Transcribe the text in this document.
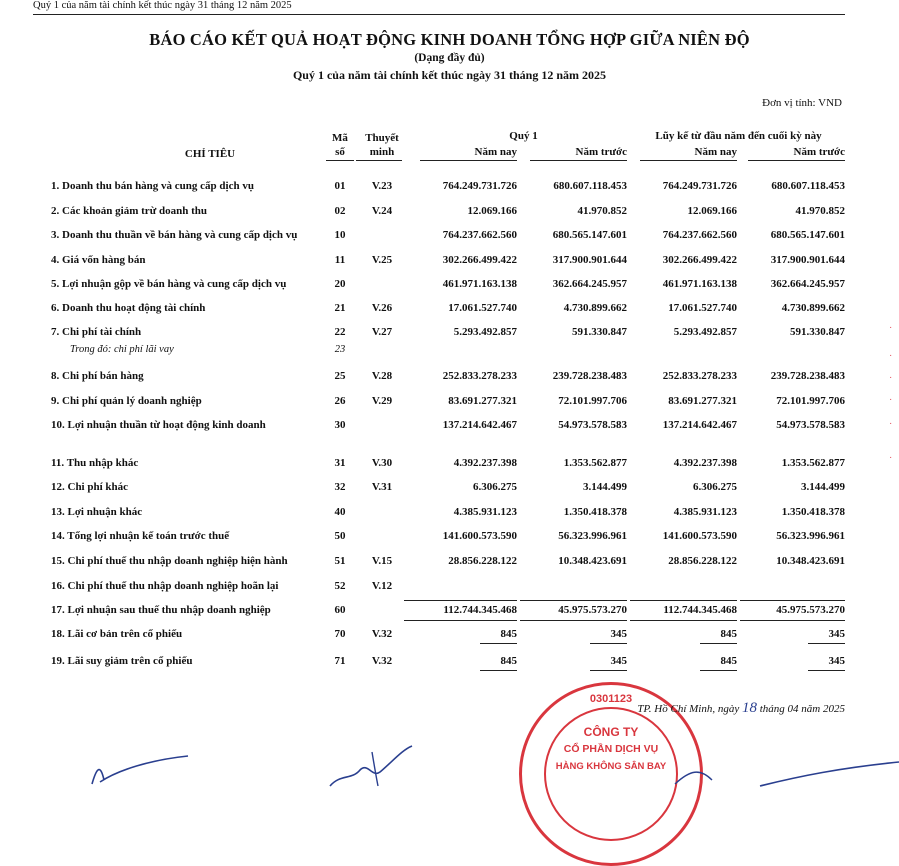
Quý 1 của năm tài chính kết thúc ngày 31 tháng 12 năm 2025
BÁO CÁO KẾT QUẢ HOẠT ĐỘNG KINH DOANH TỔNG HỢP GIỮA NIÊN ĐỘ
(Dạng đầy đủ)
Quý 1 của năm tài chính kết thúc ngày 31 tháng 12 năm 2025
Đơn vị tính: VND
CHỈ TIÊU
Mã
số
Thuyết
minh
Quý 1
Năm nay	Năm trước
Lũy kế từ đầu năm đến cuối kỳ này
Năm nay	Năm trước
1. Doanh thu bán hàng và cung cấp dịch vụ	01	V.23	764.249.731.726	680.607.118.453	764.249.731.726	680.607.118.453
2. Các khoản giảm trừ doanh thu	02	V.24	12.069.166	41.970.852	12.069.166	41.970.852
3. Doanh thu thuần về bán hàng và cung cấp dịch vụ	10	764.237.662.560	680.565.147.601	764.237.662.560	680.565.147.601
4. Giá vốn hàng bán	11	V.25	302.266.499.422	317.900.901.644	302.266.499.422	317.900.901.644
5. Lợi nhuận gộp về bán hàng và cung cấp dịch vụ	20	461.971.163.138	362.664.245.957	461.971.163.138	362.664.245.957
6. Doanh thu hoạt động tài chính	21	V.26	17.061.527.740	4.730.899.662	17.061.527.740	4.730.899.662
7. Chi phí tài chính	22	V.27	5.293.492.857	591.330.847	5.293.492.857	591.330.847
Trong đó: chi phí lãi vay	23
8. Chi phí bán hàng	25	V.28	252.833.278.233	239.728.238.483	252.833.278.233	239.728.238.483
9. Chi phí quản lý doanh nghiệp	26	V.29	83.691.277.321	72.101.997.706	83.691.277.321	72.101.997.706
10. Lợi nhuận thuần từ hoạt động kinh doanh	30	137.214.642.467	54.973.578.583	137.214.642.467	54.973.578.583
11. Thu nhập khác	31	V.30	4.392.237.398	1.353.562.877	4.392.237.398	1.353.562.877
12. Chi phí khác	32	V.31	6.306.275	3.144.499	6.306.275	3.144.499
13. Lợi nhuận khác	40	4.385.931.123	1.350.418.378	4.385.931.123	1.350.418.378
14. Tổng lợi nhuận kế toán trước thuế	50	141.600.573.590	56.323.996.961	141.600.573.590	56.323.996.961
15. Chi phí thuế thu nhập doanh nghiệp hiện hành	51	V.15	28.856.228.122	10.348.423.691	28.856.228.122	10.348.423.691
16. Chi phí thuế thu nhập doanh nghiệp hoãn lại	52	V.12
17. Lợi nhuận sau thuế thu nhập doanh nghiệp	60	112.744.345.468	45.975.573.270	112.744.345.468	45.975.573.270
18. Lãi cơ bản trên cổ phiếu	70	V.32	845	345	845	345
19. Lãi suy giảm trên cổ phiếu	71	V.32	845	345	845	345
0301123
CÔNG TY
CỔ PHẦN DỊCH VỤ
HÀNG KHÔNG SÂN BAY
TP. Hồ Chí Minh, ngày 18 tháng 04 năm 2025
·
·
·
·
·
·
